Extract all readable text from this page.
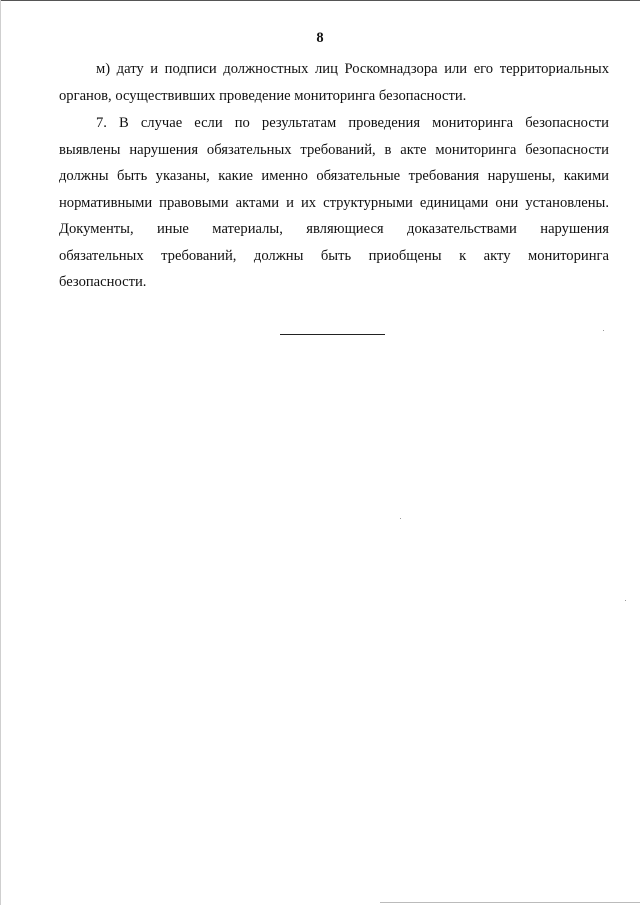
8
м) дату и подписи должностных лиц Роскомнадзора или его территориальных
органов, осуществивших проведение мониторинга безопасности.
7. В случае если по результатам проведения мониторинга безопасности
выявлены нарушения обязательных требований, в акте мониторинга безопасности
должны быть указаны, какие именно обязательные требования нарушены, какими
нормативными правовыми актами и их структурными единицами они установлены.
Документы, иные материалы, являющиеся доказательствами нарушения
обязательных требований, должны быть приобщены к акту мониторинга
безопасности.
